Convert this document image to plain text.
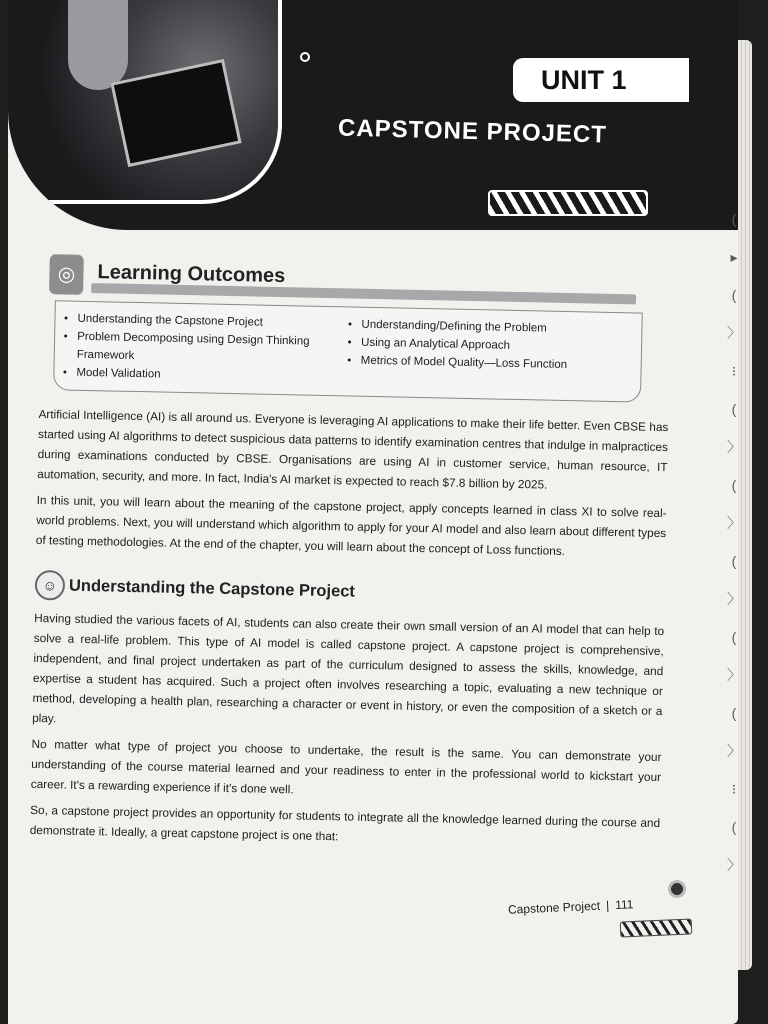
UNIT 1
CAPSTONE PROJECT
(
▸
(
〉
⁝
(
〉
(
〉
(
〉
(
〉
(
〉
⁝
(
〉
◎	Learning Outcomes
• Understanding the Capstone Project
• Problem Decomposing using Design Thinking Framework
• Model Validation
• Understanding/Defining the Problem
• Using an Analytical Approach
• Metrics of Model Quality—Loss Function

Artificial Intelligence (AI) is all around us. Everyone is leveraging AI applications to make their life better. Even CBSE has started using AI algorithms to detect suspicious data patterns to identify examination centres that indulge in malpractices during examinations conducted by CBSE. Organisations are using AI in customer service, human resource, IT automation, security, and more. In fact, India's AI market is expected to reach $7.8 billion by 2025.

In this unit, you will learn about the meaning of the capstone project, apply concepts learned in class XI to solve real-world problems. Next, you will understand which algorithm to apply for your AI model and also learn about different types of testing methodologies. At the end of the chapter, you will learn about the concept of Loss functions.

☺ Understanding the Capstone Project

Having studied the various facets of AI, students can also create their own small version of an AI model that can help to solve a real-life problem. This type of AI model is called capstone project. A capstone project is comprehensive, independent, and final project undertaken as part of the curriculum designed to assess the skills, knowledge, and expertise a student has acquired. Such a project often involves researching a topic, evaluating a new technique or method, developing a health plan, researching a character or event in history, or even the composition of a sketch or a play.

No matter what type of project you choose to undertake, the result is the same. You can demonstrate your understanding of the course material learned and your readiness to enter in the professional world to kickstart your career. It's a rewarding experience if it's done well.

So, a capstone project provides an opportunity for students to integrate all the knowledge learned during the course and demonstrate it. Ideally, a great capstone project is one that:

Capstone Project | 111
